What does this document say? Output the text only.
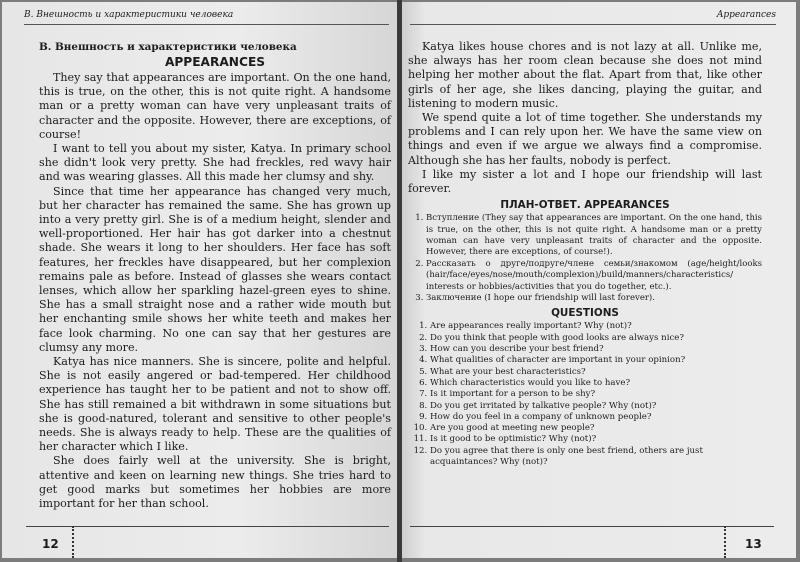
B. Внешность и характеристики человека

B. Внешность и характеристики человека

APPEARANCES

They say that appearances are important. On the one hand, this is true, on the other, this is not quite right. A handsome man or a pretty woman can have very unpleasant traits of character and the opposite. However, there are exceptions, of course!

I want to tell you about my sister, Katya. In primary school she didn't look very pretty. She had freckles, red wavy hair and was wearing glasses. All this made her clumsy and shy.

Since that time her appearance has changed very much, but her character has remained the same. She has grown up into a very pretty girl. She is of a medium height, slender and well-proportioned. Her hair has got darker into a chestnut shade. She wears it long to her shoulders. Her face has soft features, her freckles have disappeared, but her complexion remains pale as before. Instead of glasses she wears contact lenses, which allow her sparkling hazel-green eyes to shine. She has a small straight nose and a rather wide mouth but her enchanting smile shows her white teeth and makes her face look charming. No one can say that her gestures are clumsy any more.

Katya has nice manners. She is sincere, polite and helpful. She is not easily angered or bad-tempered. Her childhood experience has taught her to be patient and not to show off. She has still remained a bit withdrawn in some situations but she is good-natured, tolerant and sensitive to other people's needs. She is always ready to help. These are the qualities of her character which I like.

She does fairly well at the university. She is bright, attentive and keen on learning new things. She tries hard to get good marks but sometimes her hobbies are more important for her than school.

12
Appearances

Katya likes house chores and is not lazy at all. Unlike me, she always has her room clean because she does not mind helping her mother about the flat. Apart from that, like other girls of her age, she likes dancing, playing the guitar, and listening to modern music.

We spend quite a lot of time together. She understands my problems and I can rely upon her. We have the same view on things and even if we argue we always find a compromise. Although she has her faults, nobody is perfect.

I like my sister a lot and I hope our friendship will last forever.

ПЛАН-ОТВЕТ. APPEARANCES
1. Вступление (They say that appearances are important. On the one hand, this is true, on the other, this is not quite right. A handsome man or a pretty woman can have very unpleasant traits of character and the opposite. However, there are exceptions, of course!).
2. Рассказать о друге/подруге/члене семьи/знакомом (age/height/looks (hair/face/eyes/nose/mouth/complexion)/build/manners/characteristics/ interests or hobbies/activities that you do together, etc.).
3. Заключение (I hope our friendship will last forever).
QUESTIONS
1. Are appearances really important? Why (not)?
2. Do you think that people with good looks are always nice?
3. How can you describe your best friend?
4. What qualities of character are important in your opinion?
5. What are your best characteristics?
6. Which characteristics would you like to have?
7. Is it important for a person to be shy?
8. Do you get irritated by talkative people? Why (not)?
9. How do you feel in a company of unknown people?
10. Are you good at meeting new people?
11. Is it good to be optimistic? Why (not)?
12. Do you agree that there is only one best friend, others are just acquaintances? Why (not)?
13
